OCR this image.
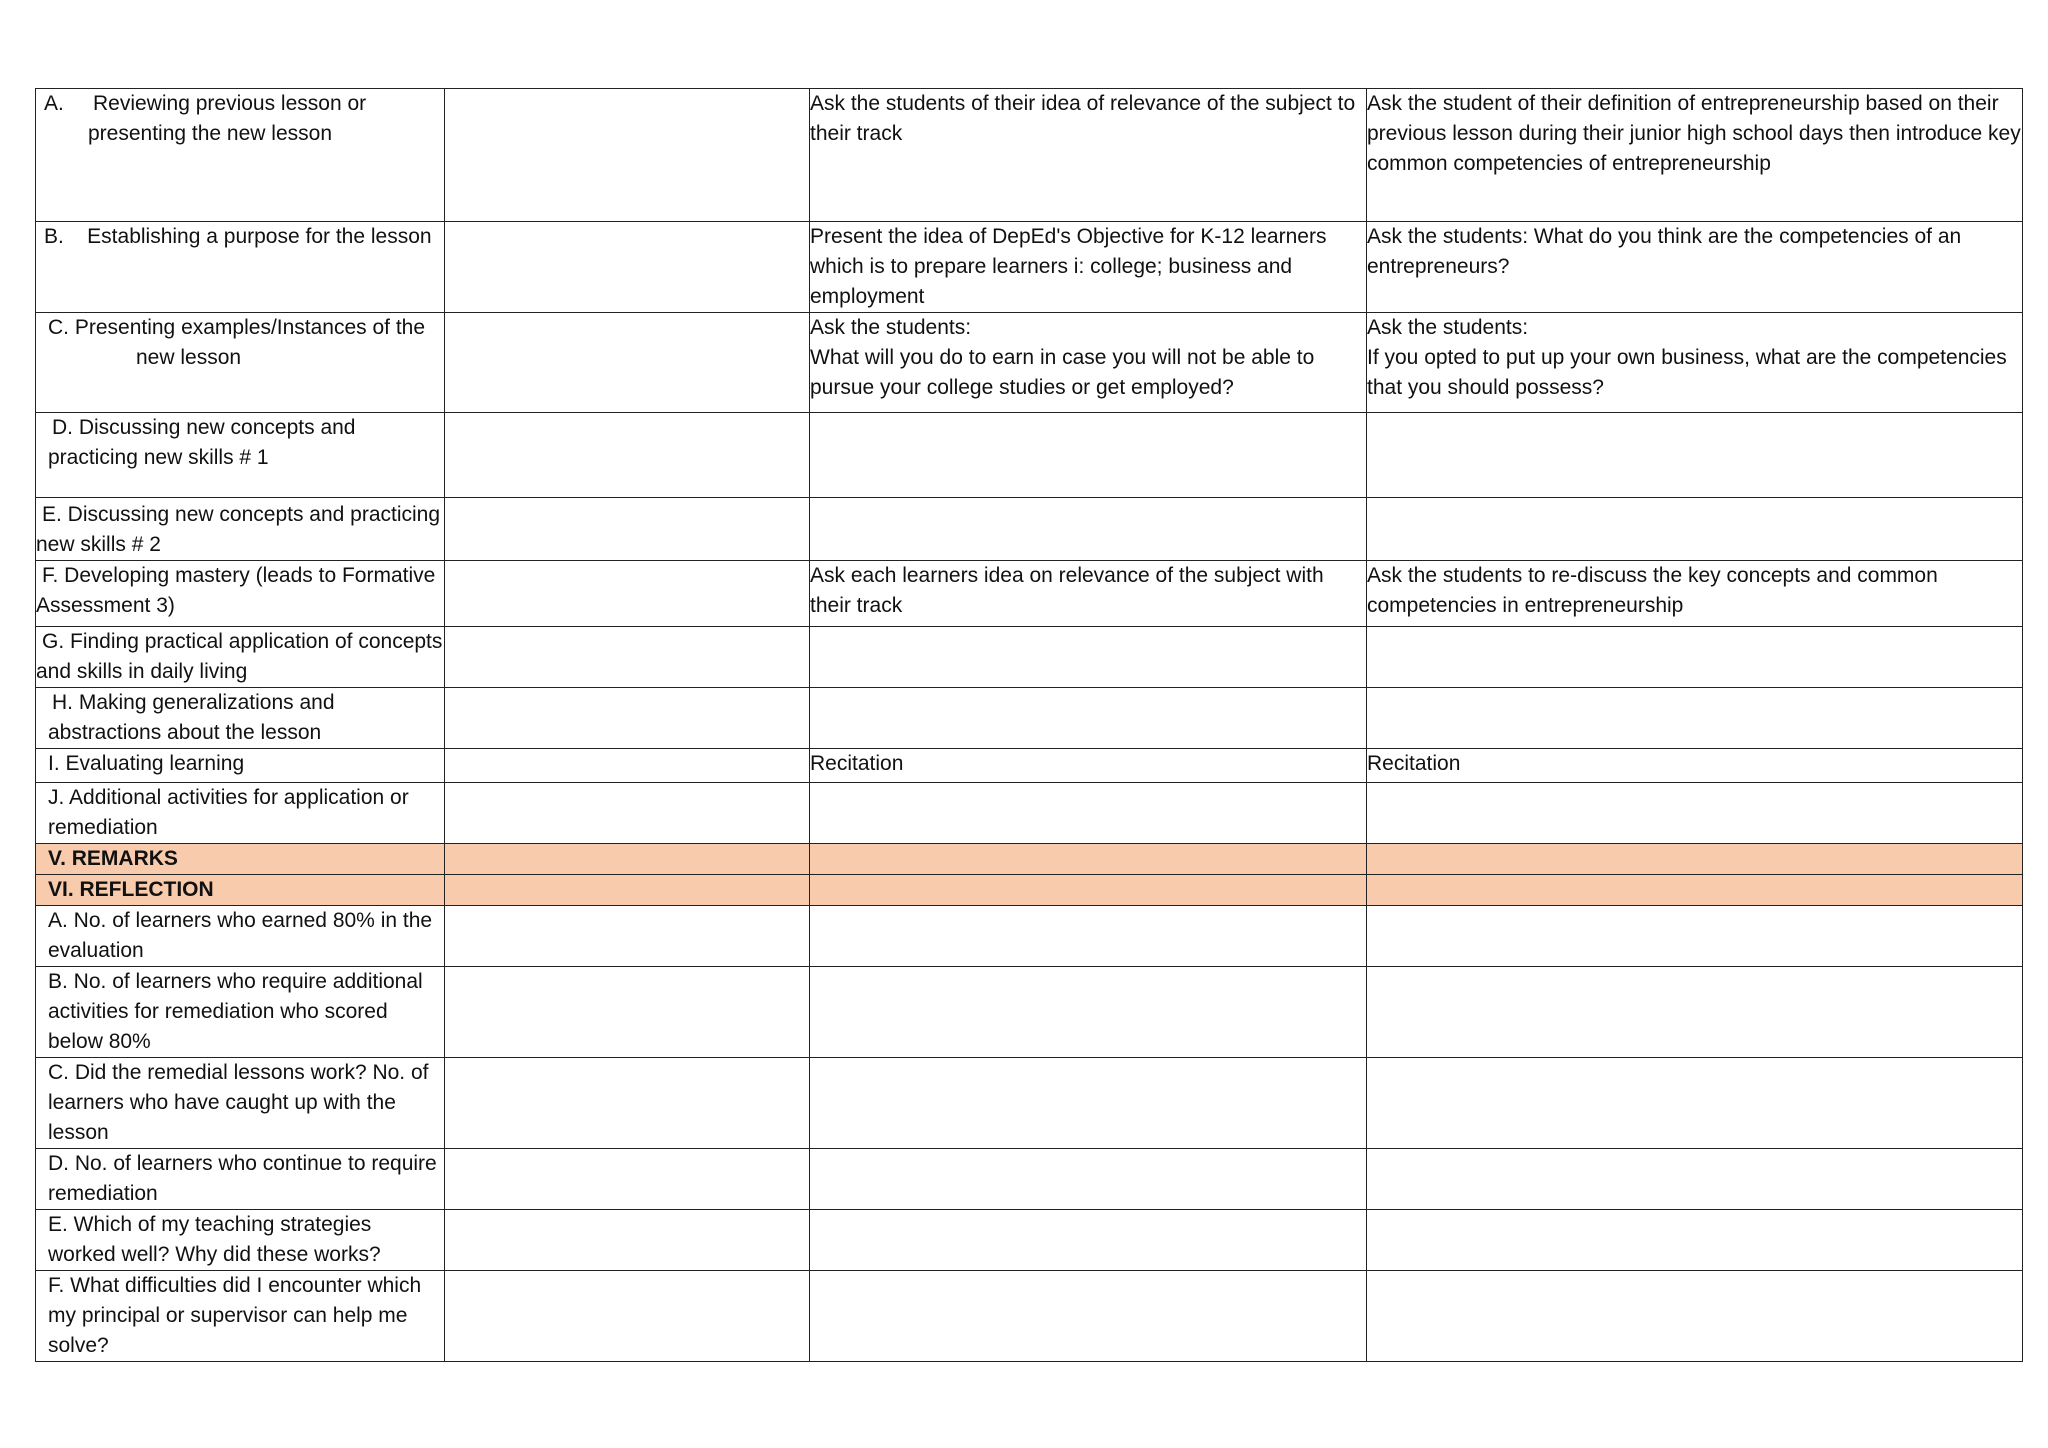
A.     Reviewing previous lesson or presenting the new lesson		Ask the students of their idea of relevance of the subject to their track	Ask the student of their definition of entrepreneurship based on their previous lesson during their junior high school days then introduce key common competencies of entrepreneurship

B.    Establishing a purpose for the lesson		Present the idea of DepEd's Objective for K-12 learners which is to prepare learners i: college; business and employment	Ask the students: What do you think are the competencies of an entrepreneurs?

C. Presenting examples/Instances of the new lesson		Ask the students:
What will you do to earn in case you will not be able to pursue your college studies or get employed?	Ask the students:
If you opted to put up your own business, what are the competencies that you should possess?

D. Discussing new concepts and practicing new skills # 1			

E. Discussing new concepts and practicing new skills # 2			

F. Developing mastery (leads to Formative Assessment 3)		Ask each learners idea on relevance of the subject with their track	Ask the students to re-discuss the key concepts and common competencies in entrepreneurship

G. Finding practical application of concepts and skills in daily living			

H. Making generalizations and abstractions about the lesson			

I. Evaluating learning		Recitation	Recitation

J. Additional activities for application or remediation			

V. REMARKS			
VI. REFLECTION			

A. No. of learners who earned 80% in the evaluation			

B. No. of learners who require additional activities for remediation who scored below 80%			

C. Did the remedial lessons work? No. of learners who have caught up with the lesson			

D. No. of learners who continue to require remediation			

E. Which of my teaching strategies worked well? Why did these works?			

F. What difficulties did I encounter which my principal or supervisor can help me solve?			
